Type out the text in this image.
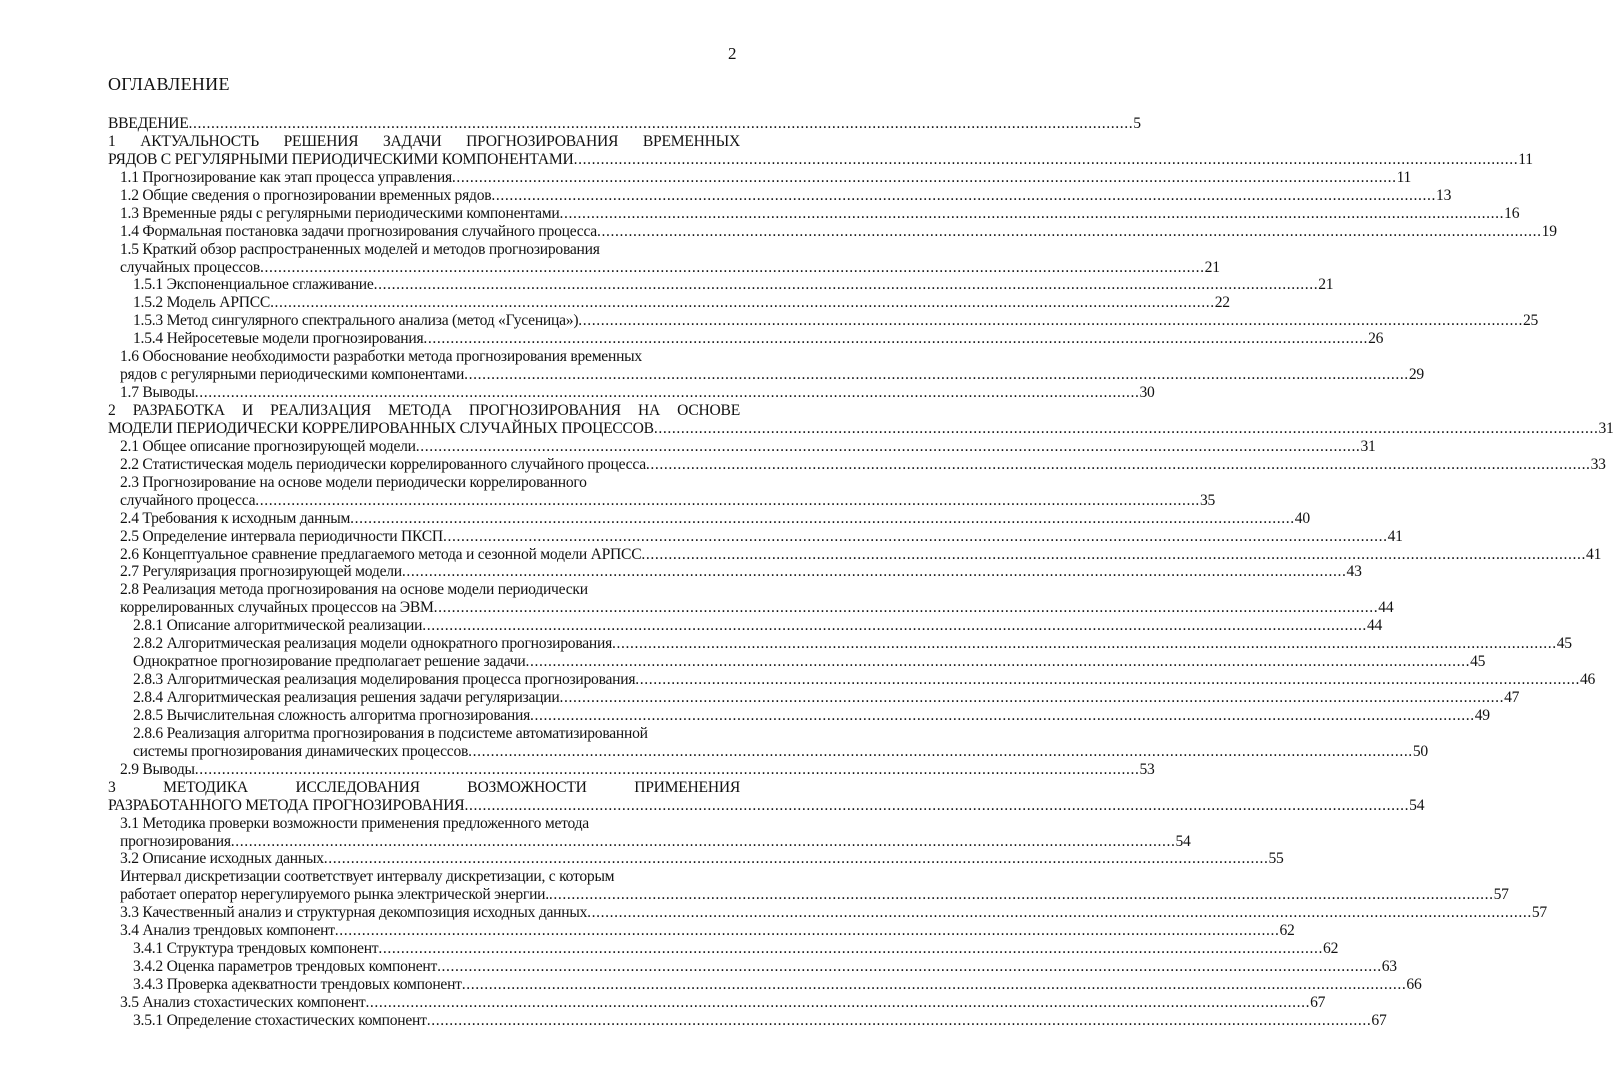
2
ОГЛАВЛЕНИЕ
ВВЕДЕНИЕ .....	5
1 АКТУАЛЬНОСТЬ РЕШЕНИЯ ЗАДАЧИ ПРОГНОЗИРОВАНИЯ ВРЕМЕННЫХ
РЯДОВ С РЕГУЛЯРНЫМИ ПЕРИОДИЧЕСКИМИ КОМПОНЕНТАМИ .....	11
1.1 Прогнозирование как этап процесса управления .....	11
1.2 Общие сведения о прогнозировании временных рядов .....	13
1.3 Временные ряды с регулярными периодическими компонентами .....	16
1.4 Формальная постановка задачи прогнозирования случайного процесса .....	19
1.5 Краткий обзор распространенных моделей и методов прогнозирования
случайных процессов .....	21
1.5.1 Экспоненциальное сглаживание .....	21
1.5.2 Модель АРПСС .....	22
1.5.3 Метод сингулярного спектрального анализа (метод «Гусеница») .....	25
1.5.4 Нейросетевые модели прогнозирования .....	26
1.6 Обоснование необходимости разработки метода прогнозирования временных
рядов с регулярными периодическими компонентами .....	29
1.7 Выводы .....	30
2 РАЗРАБОТКА И РЕАЛИЗАЦИЯ МЕТОДА ПРОГНОЗИРОВАНИЯ НА ОСНОВЕ
МОДЕЛИ ПЕРИОДИЧЕСКИ КОРРЕЛИРОВАННЫХ СЛУЧАЙНЫХ ПРОЦЕССОВ .....	31
2.1 Общее описание прогнозирующей модели .....	31
2.2 Статистическая модель периодически коррелированного случайного процесса .....	33
2.3 Прогнозирование на основе модели периодически коррелированного
случайного процесса .....	35
2.4 Требования к исходным данным .....	40
2.5 Определение интервала периодичности ПКСП .....	41
2.6 Концептуальное сравнение предлагаемого метода и сезонной модели АРПСС .....	41
2.7 Регуляризация прогнозирующей модели .....	43
2.8 Реализация метода прогнозирования на основе модели периодически
коррелированных случайных процессов на ЭВМ .....	44
2.8.1 Описание алгоритмической реализации .....	44
2.8.2 Алгоритмическая реализация модели однократного прогнозирования .....	45
Однократное прогнозирование предполагает решение задачи .....	45
2.8.3 Алгоритмическая реализация моделирования процесса прогнозирования .....	46
2.8.4 Алгоритмическая реализация решения задачи регуляризации .....	47
2.8.5 Вычислительная сложность алгоритма прогнозирования .....	49
2.8.6 Реализация алгоритма прогнозирования в подсистеме автоматизированной
системы прогнозирования динамических процессов .....	50
2.9 Выводы .....	53
3 МЕТОДИКА ИССЛЕДОВАНИЯ ВОЗМОЖНОСТИ ПРИМЕНЕНИЯ
РАЗРАБОТАННОГО МЕТОДА ПРОГНОЗИРОВАНИЯ .....	54
3.1 Методика проверки возможности применения предложенного метода
прогнозирования .....	54
3.2 Описание исходных данных .....	55
Интервал дискретизации соответствует интервалу дискретизации, с которым
работает оператор нерегулируемого рынка электрической энергии. .....	57
3.3 Качественный анализ и структурная декомпозиция исходных данных .....	57
3.4 Анализ трендовых компонент .....	62
3.4.1 Структура трендовых компонент .....	62
3.4.2 Оценка параметров трендовых компонент .....	63
3.4.3 Проверка адекватности трендовых компонент .....	66
3.5 Анализ стохастических компонент .....	67
3.5.1 Определение стохастических компонент .....	67
